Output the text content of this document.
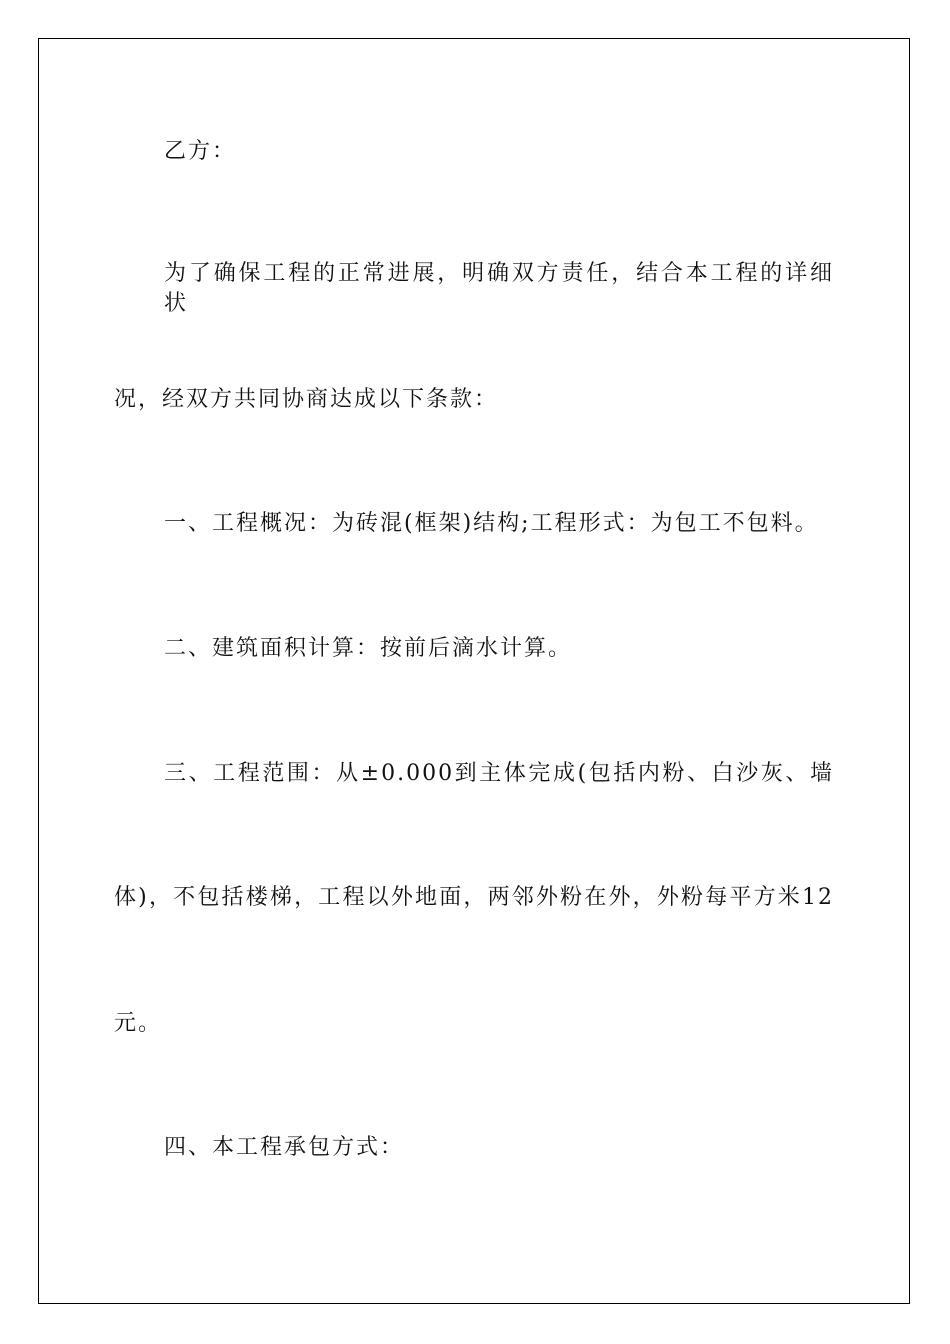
乙方：
为了确保工程的正常进展，明确双方责任，结合本工程的详细状
况，经双方共同协商达成以下条款：
一、工程概况：为砖混(框架)结构;工程形式：为包工不包料。
二、建筑面积计算：按前后滴水计算。
三、工程范围：从±0.000到主体完成(包括内粉、白沙灰、墙
体)，不包括楼梯，工程以外地面，两邻外粉在外，外粉每平方米12
元。
四、本工程承包方式：
